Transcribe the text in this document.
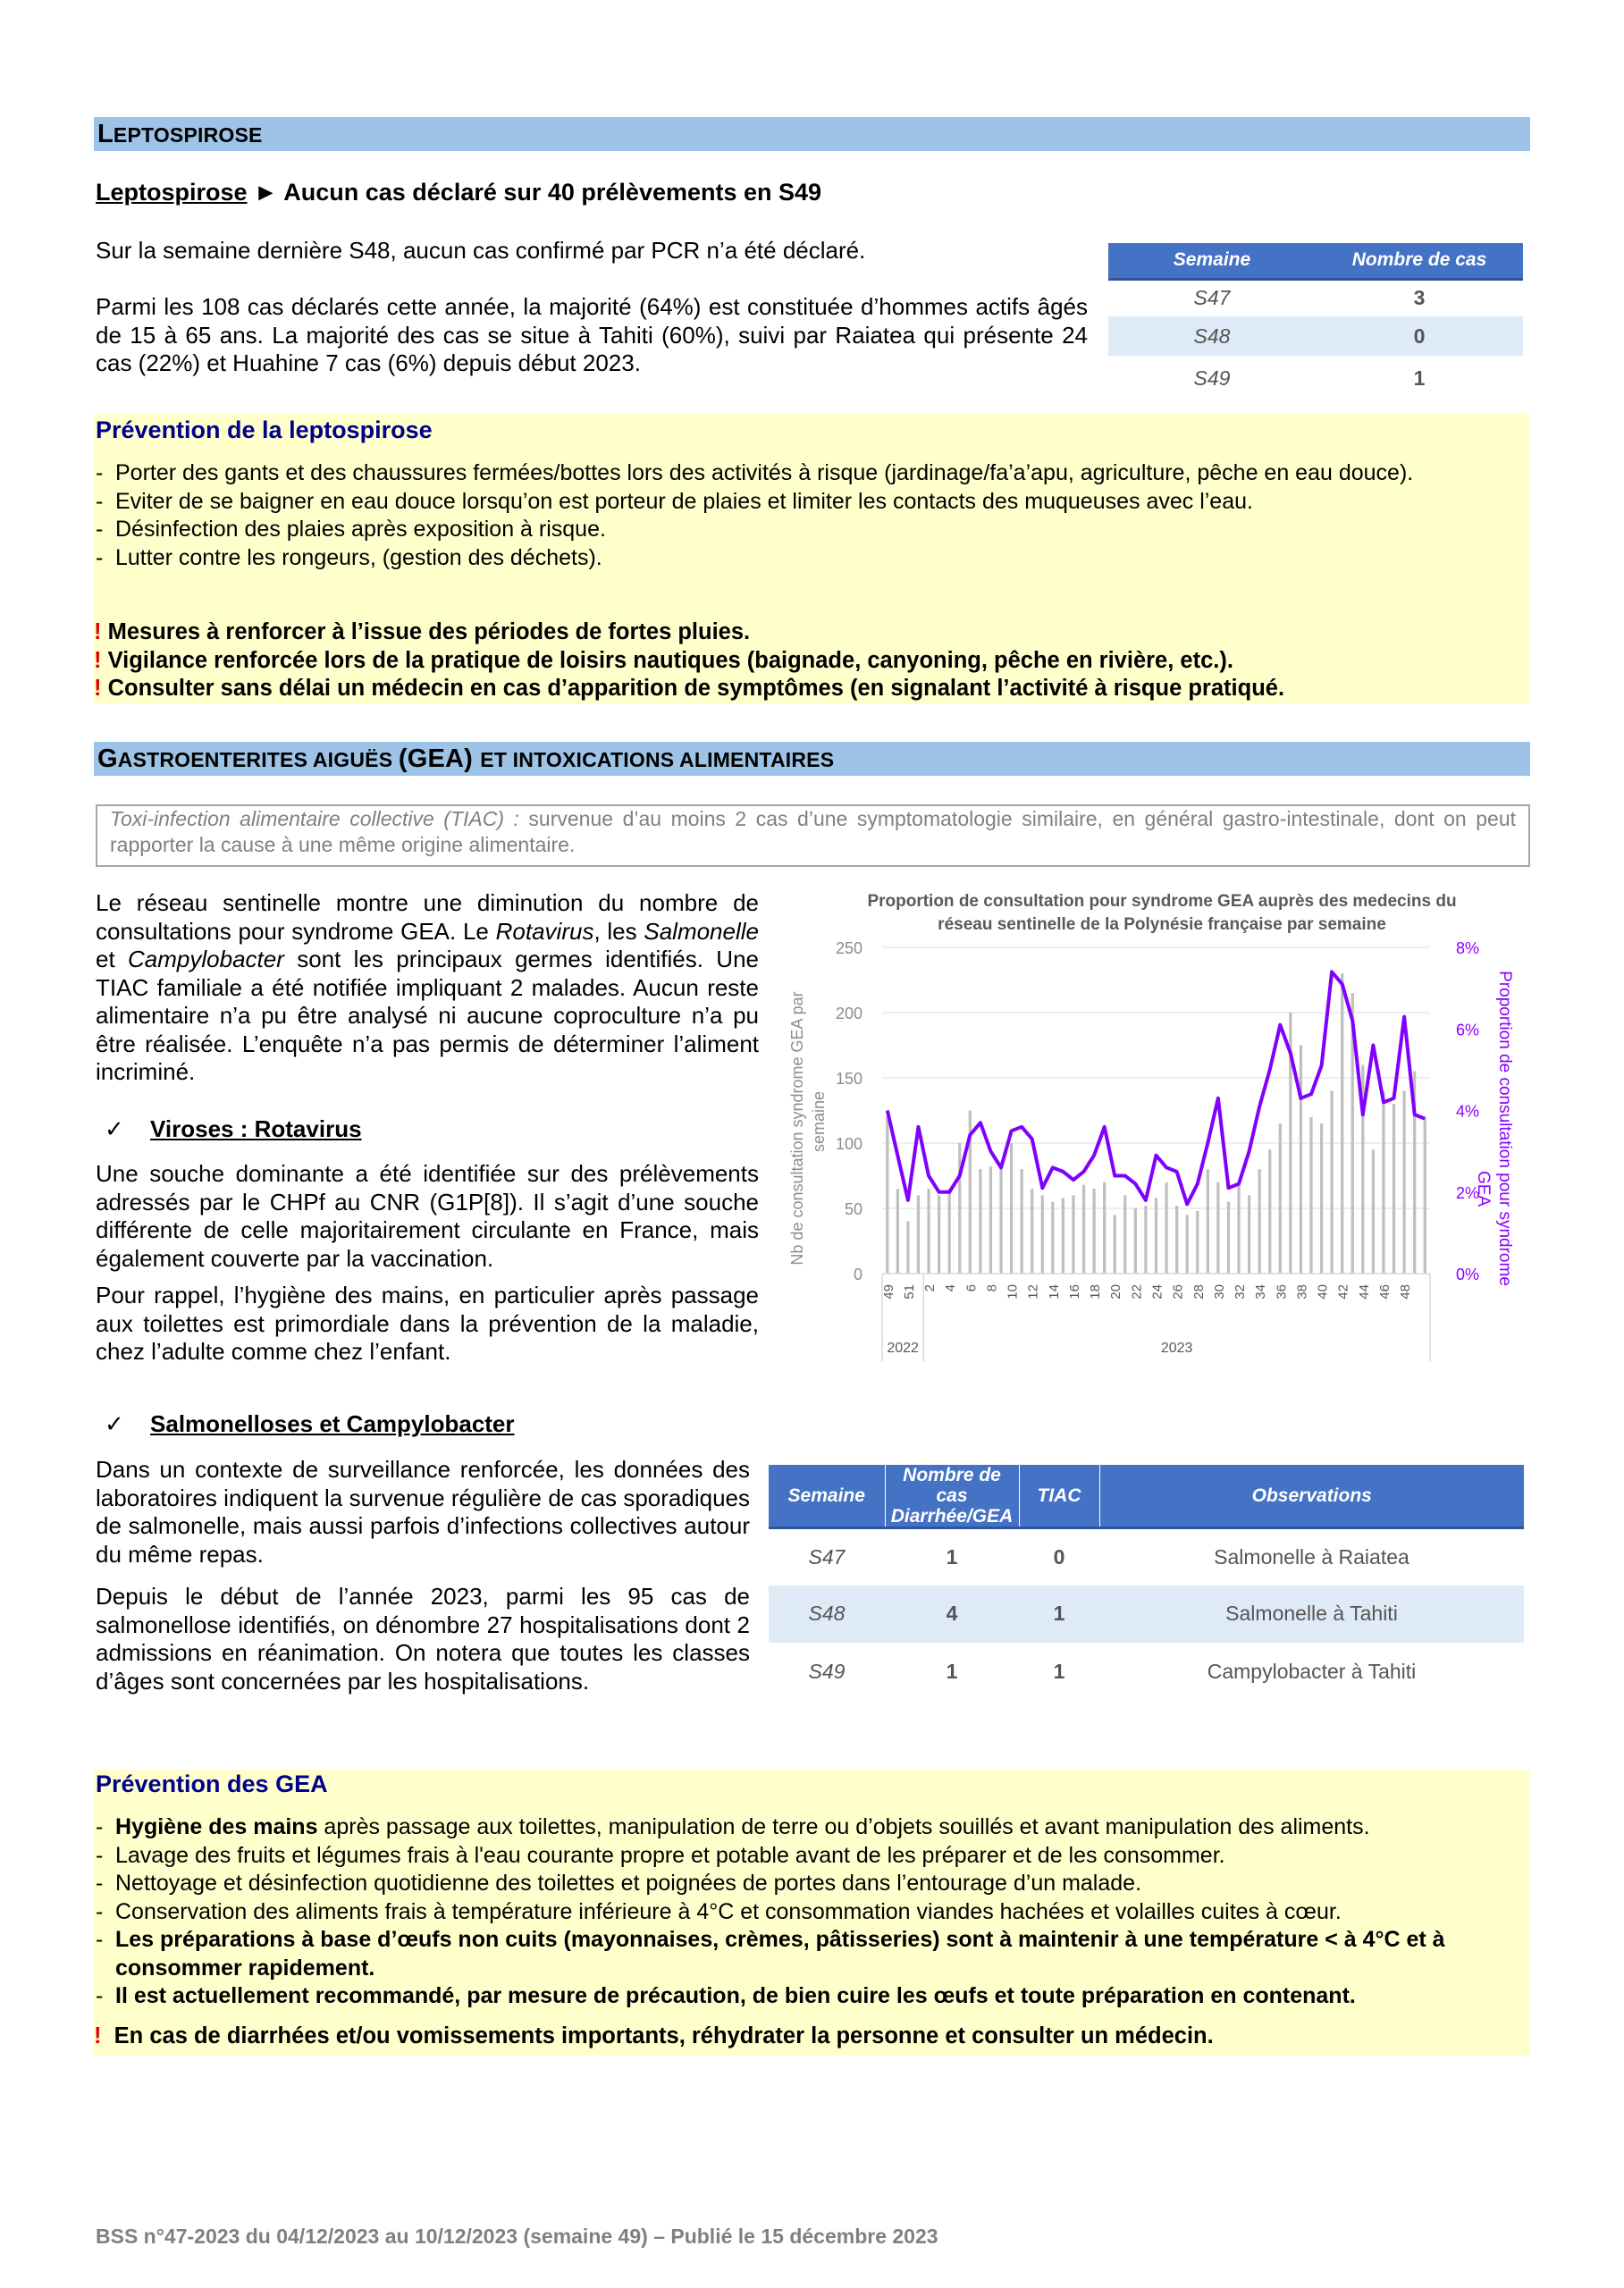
LEPTOSPIROSE
Leptospirose ► Aucun cas déclaré sur 40 prélèvements en S49

Sur la semaine dernière S48, aucun cas confirmé par PCR n’a été déclaré.

Parmi les 108 cas déclarés cette année, la majorité (64%) est constituée d’hommes actifs âgés de 15 à 65 ans. La majorité des cas se situe à Tahiti (60%), suivi par Raiatea qui présente 24 cas (22%) et Huahine 7 cas (6%) depuis début 2023.

Semaine	Nombre de cas
S47	3
S48	0
S49	1
Prévention de la leptospirose
- Porter des gants et des chaussures fermées/bottes lors des activités à risque (jardinage/fa’a’apu, agriculture, pêche en eau douce).
- Eviter de se baigner en eau douce lorsqu’on est porteur de plaies et limiter les contacts des muqueuses avec l’eau.
- Désinfection des plaies après exposition à risque.
- Lutter contre les rongeurs, (gestion des déchets).
! Mesures à renforcer à l’issue des périodes de fortes pluies.
! Vigilance renforcée lors de la pratique de loisirs nautiques (baignade, canyoning, pêche en rivière, etc.).
! Consulter sans délai un médecin en cas d’apparition de symptômes (en signalant l’activité à risque pratiqué.
GASTROENTERITES AIGUËS (GEA) ET INTOXICATIONS ALIMENTAIRES
Toxi-infection alimentaire collective (TIAC) : survenue d’au moins 2 cas d’une symptomatologie similaire, en général gastro-intestinale, dont on peut rapporter la cause à une même origine alimentaire.

Le réseau sentinelle montre une diminution du nombre de consultations pour syndrome GEA. Le Rotavirus, les Salmonelle et Campylobacter sont les principaux germes identifiés. Une TIAC familiale a été notifiée impliquant 2 malades. Aucun reste alimentaire n’a pu être analysé ni aucune coproculture n’a pu être réalisée. L’enquête n’a pas permis de déterminer l’aliment incriminé.

✓ Viroses : Rotavirus

Une souche dominante a été identifiée sur des prélèvements adressés par le CHPf au CNR (G1P[8]). Il s’agit d’une souche différente de celle majoritairement circulante en France, mais également couverte par la vaccination.

Pour rappel, l’hygiène des mains, en particulier après passage aux toilettes est primordiale dans la prévention de la maladie, chez l’adulte comme chez l’enfant.

✓ Salmonelloses et Campylobacter

Dans un contexte de surveillance renforcée, les données des laboratoires indiquent la survenue régulière de cas sporadiques de salmonelle, mais aussi parfois d’infections collectives autour du même repas.

Depuis le début de l’année 2023, parmi les 95 cas de salmonellose identifiés, on dénombre 27 hospitalisations dont 2 admissions en réanimation. On notera que toutes les classes d’âges sont concernées par les hospitalisations.

Semaine	Nombre de cas Diarrhée/GEA	TIAC	Observations
S47	1	0	Salmonelle à Raiatea
S48	4	1	Salmonelle à Tahiti
S49	1	1	Campylobacter à Tahiti
Proportion de consultation pour syndrome GEA auprès des medecins du
réseau sentinelle de la Polynésie française par semaine
0
50
100
150
200
250
0%
2%
4%
6%
8%
49 51 2 4 6 8 10 12 14 16 18 20 22 24 26 28 30 32 34 36 38 40 42 44 46 48
2022	2023
Nb de consultation syndrome GEA par semaine	Proportion de consultation pour syndrome
GEA
Prévention des GEA
- Hygiène des mains après passage aux toilettes, manipulation de terre ou d’objets souillés et avant manipulation des aliments.
- Lavage des fruits et légumes frais à l'eau courante propre et potable avant de les préparer et de les consommer.
- Nettoyage et désinfection quotidienne des toilettes et poignées de portes dans l’entourage d’un malade.
- Conservation des aliments frais à température inférieure à 4°C et consommation viandes hachées et volailles cuites à cœur.
- Les préparations à base d’œufs non cuits (mayonnaises, crèmes, pâtisseries) sont à maintenir à une température < à 4°C et à consommer rapidement.
- Il est actuellement recommandé, par mesure de précaution, de bien cuire les œufs et toute préparation en contenant.
! En cas de diarrhées et/ou vomissements importants, réhydrater la personne et consulter un médecin.
BSS n°47-2023 du 04/12/2023 au 10/12/2023 (semaine 49) – Publié le 15 décembre 2023
